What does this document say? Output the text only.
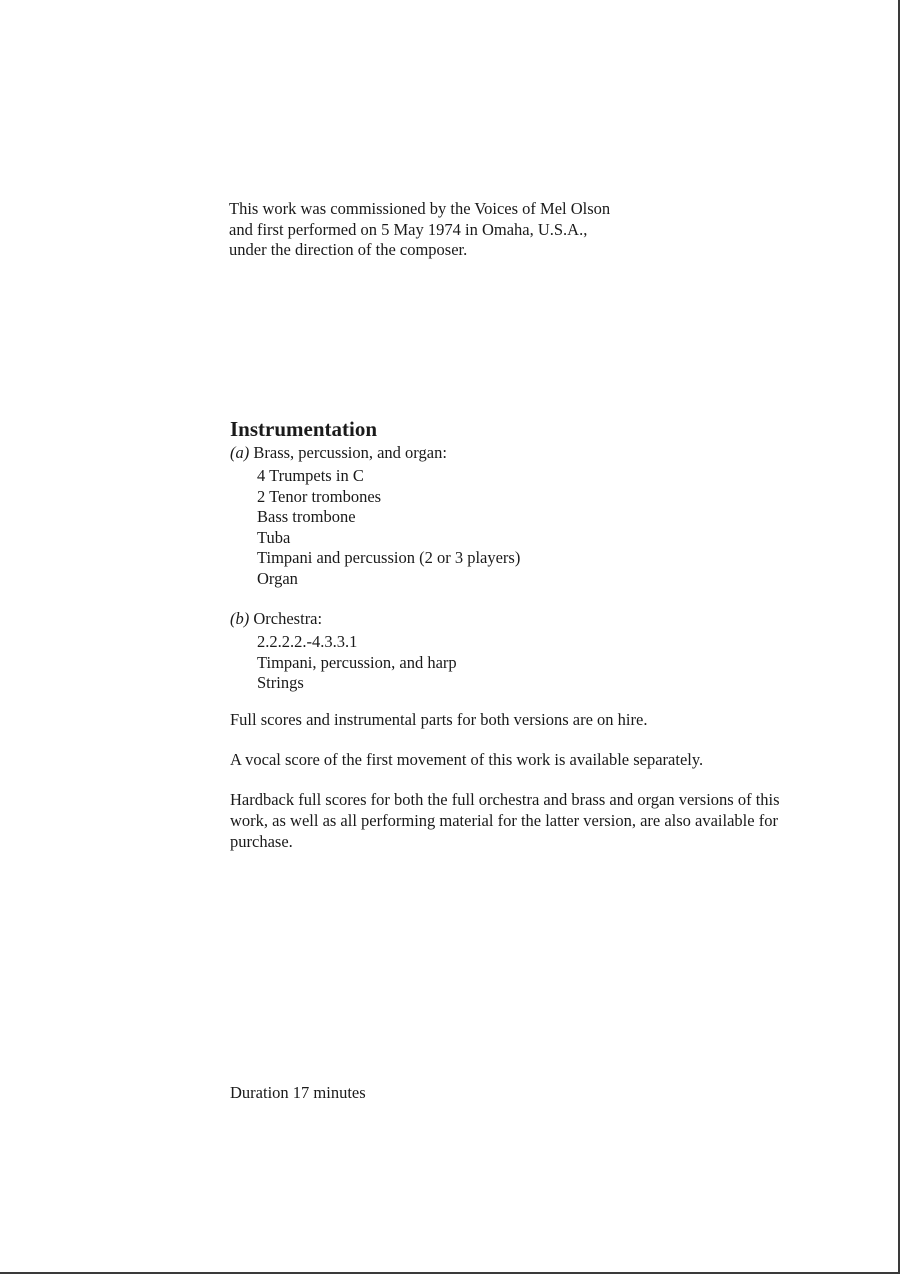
This work was commissioned by the Voices of Mel Olson
and first performed on 5 May 1974 in Omaha, U.S.A.,
under the direction of the composer.
Instrumentation
(a) Brass, percussion, and organ:
4 Trumpets in C
2 Tenor trombones
Bass trombone
Tuba
Timpani and percussion (2 or 3 players)
Organ
(b) Orchestra:
2.2.2.2.-4.3.3.1
Timpani, percussion, and harp
Strings

Full scores and instrumental parts for both versions are on hire.

A vocal score of the first movement of this work is available separately.

Hardback full scores for both the full orchestra and brass and organ versions of this work, as well as all performing material for the latter version, are also available for purchase.

Duration 17 minutes
